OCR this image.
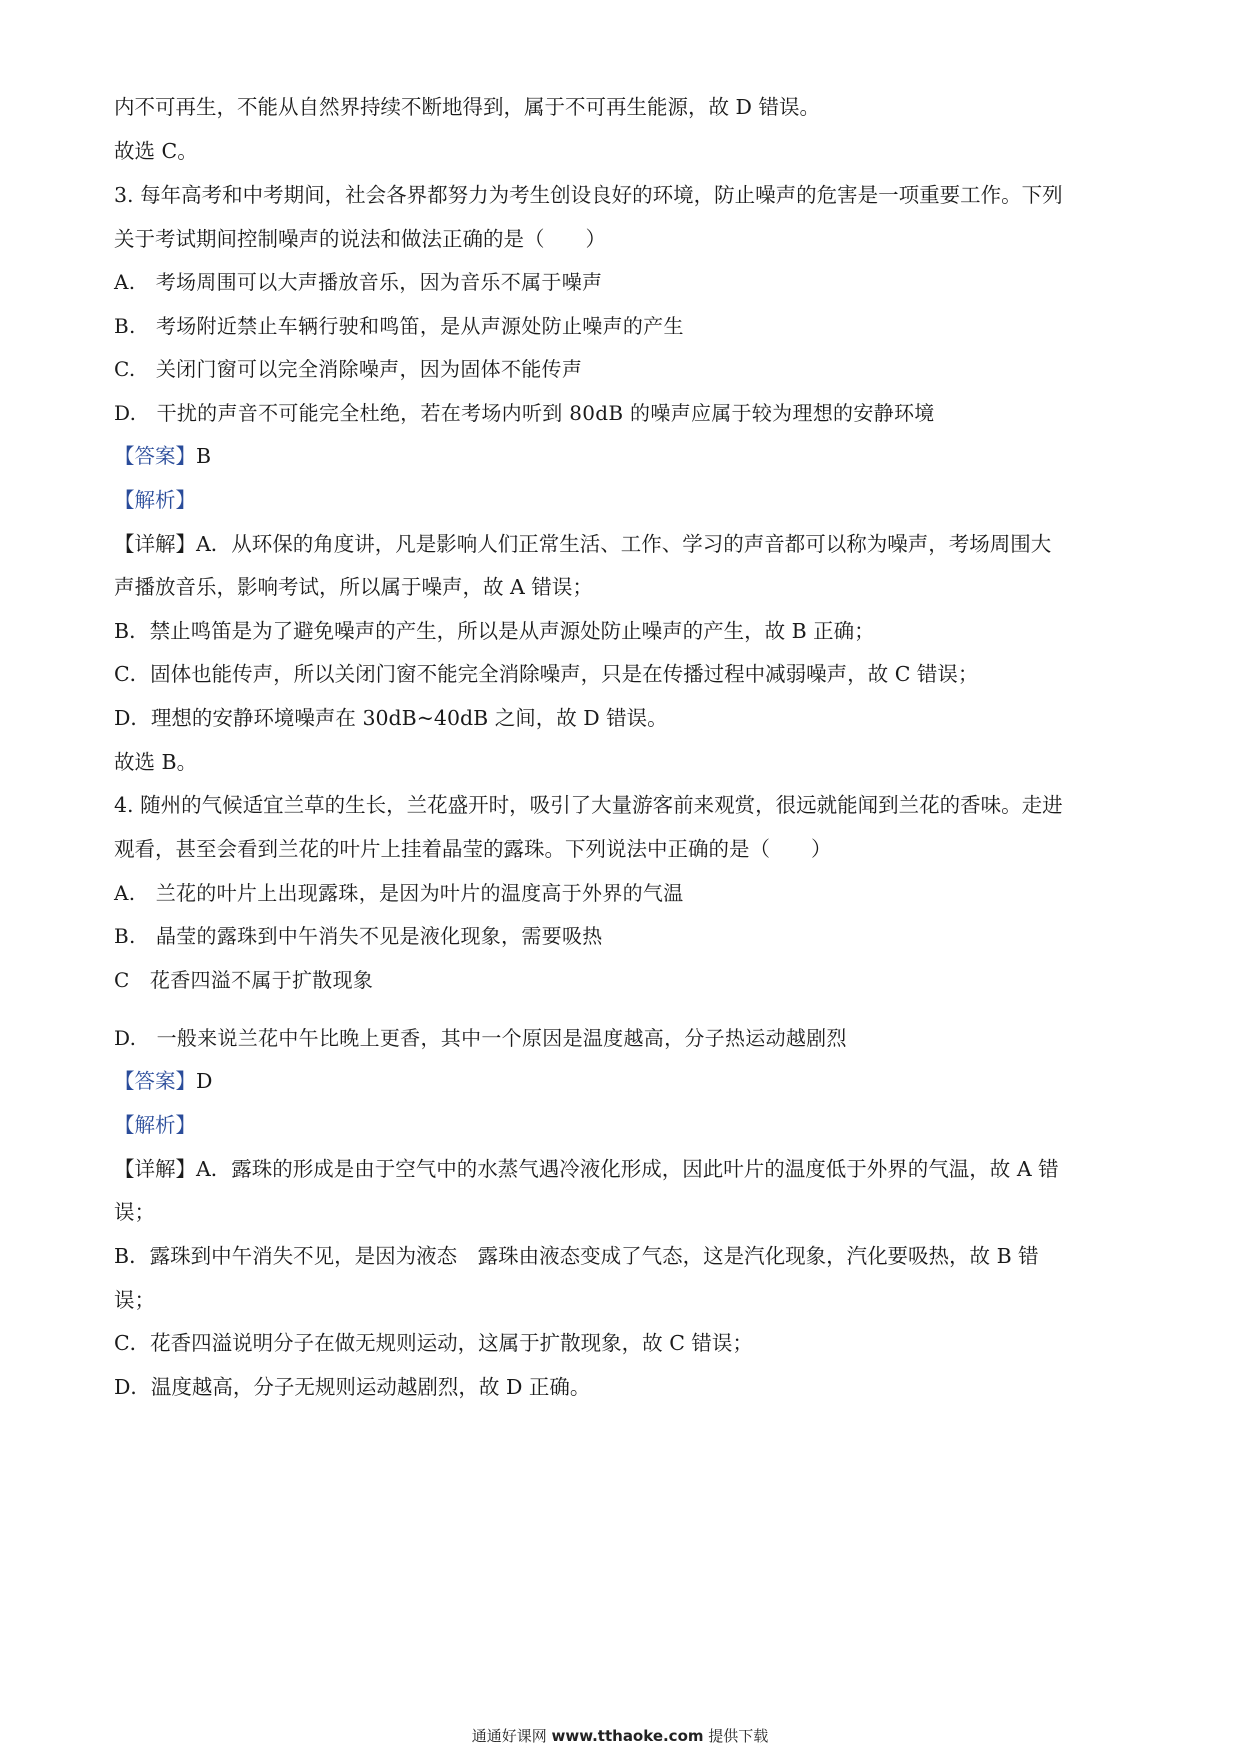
内不可再生，不能从自然界持续不断地得到，属于不可再生能源，故 D 错误。
故选 C。
3. 每年高考和中考期间，社会各界都努力为考生创设良好的环境，防止噪声的危害是一项重要工作。下列
关于考试期间控制噪声的说法和做法正确的是（　　）
A.　考场周围可以大声播放音乐，因为音乐不属于噪声
B.　考场附近禁止车辆行驶和鸣笛，是从声源处防止噪声的产生
C.　关闭门窗可以完全消除噪声，因为固体不能传声
D.　干扰的声音不可能完全杜绝，若在考场内听到 80dB 的噪声应属于较为理想的安静环境
【答案】B
【解析】
【详解】A．从环保的角度讲，凡是影响人们正常生活、工作、学习的声音都可以称为噪声，考场周围大
声播放音乐，影响考试，所以属于噪声，故 A 错误；
B．禁止鸣笛是为了避免噪声的产生，所以是从声源处防止噪声的产生，故 B 正确；
C．固体也能传声，所以关闭门窗不能完全消除噪声，只是在传播过程中减弱噪声，故 C 错误；
D．理想的安静环境噪声在 30dB~40dB 之间，故 D 错误。
故选 B。
4. 随州的气候适宜兰草的生长，兰花盛开时，吸引了大量游客前来观赏，很远就能闻到兰花的香味。走进
观看，甚至会看到兰花的叶片上挂着晶莹的露珠。下列说法中正确的是（　　）
A.　兰花的叶片上出现露珠，是因为叶片的温度高于外界的气温
B.　晶莹的露珠到中午消失不见是液化现象，需要吸热
C　花香四溢不属于扩散现象
D.　一般来说兰花中午比晚上更香，其中一个原因是温度越高，分子热运动越剧烈
【答案】D
【解析】
【详解】A．露珠的形成是由于空气中的水蒸气遇冷液化形成，因此叶片的温度低于外界的气温，故 A 错
误；
B．露珠到中午消失不见，是因为液态　露珠由液态变成了气态，这是汽化现象，汽化要吸热，故 B 错
误；
C．花香四溢说明分子在做无规则运动，这属于扩散现象，故 C 错误；
D．温度越高，分子无规则运动越剧烈，故 D 正确。
通通好课网 www.tthaoke.com 提供下载
